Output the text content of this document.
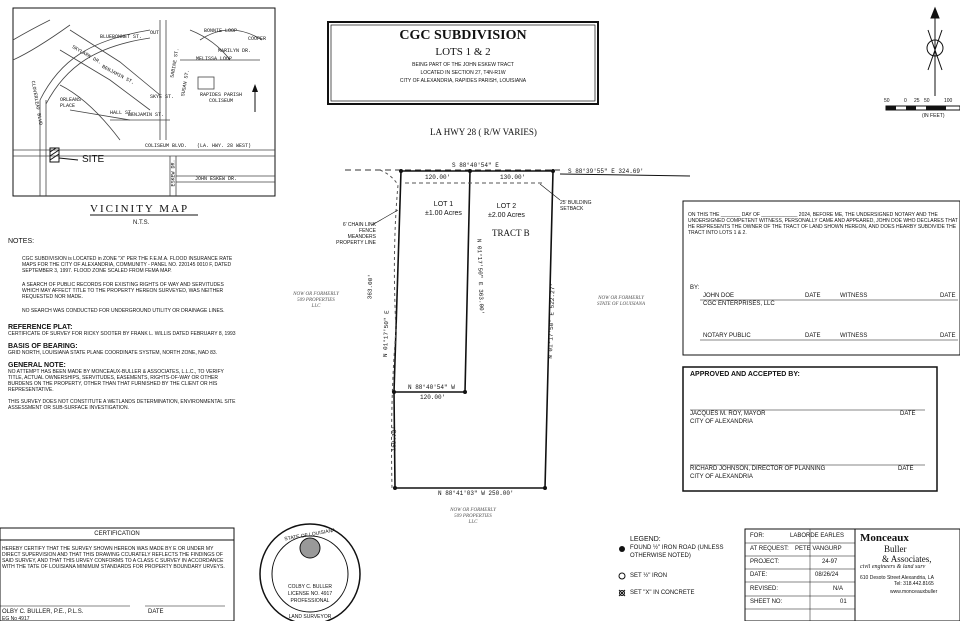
BLUEBONNET ST.
SKYLARK DR.
BENJAMIN ST.
BENJAMIN ST.
ORLEANS PLACE
HALL ST.
SKYE ST.
MELISSA LOOP
MARILYN DR.
COOPER
BONNIE LOOP
SABINE ST.
SUSAN ST.
CLOVERLEAF BLVD
ESKEW DR.	JOHN ESKEW DR.
COLISEUM BLVD. (LA. HWY. 28 WEST)
RAPIDES PARISH COLISEUM
OUT
SITE
VICINITY MAP
N.T.S.
CGC SUBDIVISION
LOTS 1 & 2
BEING PART OF THE JOHN ESKEW TRACT
LOCATED IN SECTION 27, T4N-R1W
CITY OF ALEXANDRIA, RAPIDES PARISH, LOUISIANA
50	0 25 50	100
(IN FEET)
LA HWY 28 ( R/W VARIES)
S 88°40'54" E
S 88°39'55" E 324.69'
120.00'	130.00'
LOT 1
±1.00 Acres
LOT 2
±2.00 Acres
TRACT B
25' BUILDING SETBACK
6' CHAIN LINK FENCE MEANDERS PROPERTY LINE
363.00'
N 01°17'50" E
N 01°17'50" E 363.00'
N 01°17'50" E 522.27'
N 88°40'54" W
120.00'
159.73'
N 88°41'03" W 250.00'
NOW OR FORMERLY
509 PROPERTIES
LLC
NOW OR FORMERLY
STATE OF LOUISIANA
NOW OR FORMERLY
509 PROPERTIES
LLC
NOTES:
CGC SUBDIVISION is LOCATED in ZONE "X" PER THE F.E.M.A. FLOOD INSURANCE RATE MAPS FOR THE CITY OF ALEXANDRIA, COMMUNITY - PANEL NO. 220145 0010 F, DATED SEPTEMBER 3, 1997. FLOOD ZONE SCALED FROM FEMA MAP.
A SEARCH OF PUBLIC RECORDS FOR EXISTING RIGHTS OF WAY AND SERVITUDES WHICH MAY AFFECT TITLE TO THE PROPERTY HEREON SURVEYED, WAS NEITHER REQUESTED NOR MADE.
NO SEARCH WAS CONDUCTED FOR UNDERGROUND UTILITY OR DRAINAGE LINES.
REFERENCE PLAT:
CERTIFICATE OF SURVEY FOR RICKY SOOTER BY FRANK L. WILLIS DATED FEBRUARY 8, 1993
BASIS OF BEARING:
GRID NORTH, LOUISIANA STATE PLANE COORDINATE SYSTEM, NORTH ZONE, NAD 83.
GENERAL NOTE:
NO ATTEMPT HAS BEEN MADE BY MONCEAUX-BULLER & ASSOCIATES, L.L.C., TO VERIFY TITLE, ACTUAL OWNERSHIPS, SERVITUDES, EASEMENTS, RIGHTS-OF-WAY OR OTHER BURDENS ON THE PROPERTY, OTHER THAN THAT FURNISHED BY THE CLIENT OR HIS REPRESENTATIVE.
THIS SURVEY DOES NOT CONSTITUTE A WETLANDS DETERMINATION, ENVIRONMENTAL SITE ASSESSMENT OR SUB-SURFACE INVESTIGATION.
ON THIS THE _______ DAY OF _____________ 2024, BEFORE ME, THE UNDERSIGNED NOTARY AND THE UNDERSIGNED COMPETENT WITNESS, PERSONALLY CAME AND APPEARED, JOHN DOE WHO DECLARES THAT HE REPRESENTS THE OWNER OF THE TRACT OF LAND SHOWN HEREON, AND DOES HEARBY SUBDIVIDE THE TRACT INTO LOTS 1 & 2.
BY:
JOHN DOE
CGC ENTERPRISES, LLC
DATE	WITNESS	DATE
NOTARY PUBLIC	DATE	WITNESS	DATE
APPROVED AND ACCEPTED BY:
JACQUES M. ROY, MAYOR
CITY OF ALEXANDRIA
DATE
RICHARD JOHNSON, DIRECTOR OF PLANNING
CITY OF ALEXANDRIA
DATE
CERTIFICATION
HEREBY CERTIFY THAT THE SURVEY SHOWN HEREON WAS MADE BY E OR UNDER MY DIRECT SUPERVISION AND THAT THIS DRAWING CCURATELY REFLECTS THE FINDINGS OF SAID SURVEY, AND THAT THIS URVEY CONFORMS TO A CLASS C SURVEY IN ACCORDANCE WITH THE TATE OF LOUISIANA MINIMUM STANDARDS FOR PROPERTY BOUNDARY URVEYS.
OLBY C. BULLER, P.E., P.L.S.	DATE
EG No 4917
STATE OF LOUISIANA
COLBY C. BULLER
LICENSE NO. 4917
PROFESSIONAL
LAND SURVEYOR
LEGEND:
FOUND ½" IRON ROAD (UNLESS OTHERWISE NOTED)
SET ½" IRON
SET "X" IN CONCRETE
FOR:	LABORDE EARLES
AT REQUEST: PETE VANGURP
PROJECT:	24-97
DATE:	08/26/24
REVISED:	N/A
SHEET NO:	01
Monceaux
Buller
& Associates,
civil engineers & land surv
610 Desoto Street Alexandria, LA
Tel: 318.442.8165
www.monceauxbuller
